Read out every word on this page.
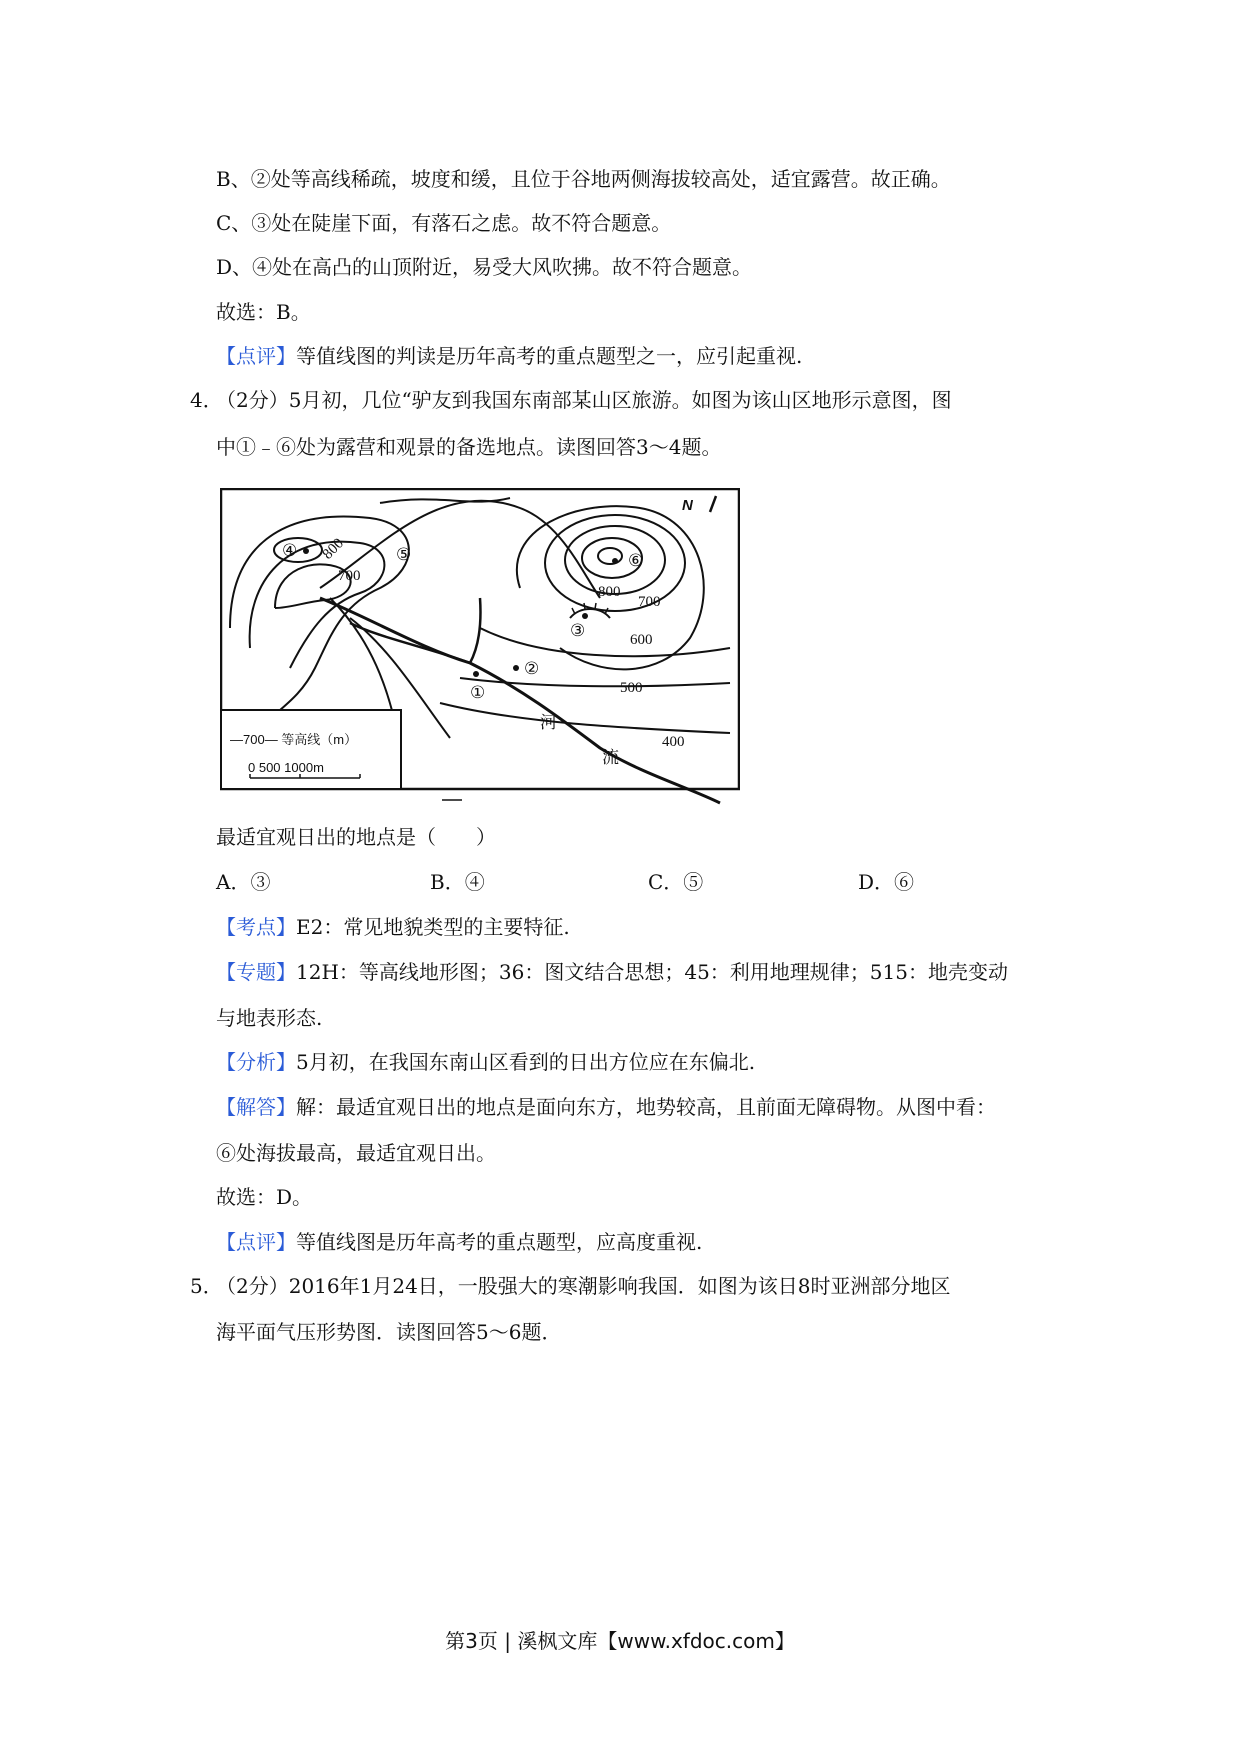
B、②处等高线稀疏，坡度和缓，且位于谷地两侧海拔较高处，适宜露营。故正确。
C、③处在陡崖下面，有落石之虑。故不符合题意。
D、④处在高凸的山顶附近，易受大风吹拂。故不符合题意。
故选：B。
【点评】等值线图的判读是历年高考的重点题型之一，应引起重视.
4．
（2分）5月初，几位“驴友到我国东南部某山区旅游。如图为该山区地形示意图，图
中①﹣⑥处为露营和观景的备选地点。读图回答3～4题。
N
④	⑤	⑥
③
②
①
800
700
800
700
600
500
400
河
流
—700— 等高线（m）
0 500 1000m
最适宜观日出的地点是（　　）
A．③	B．④	C．⑤	D．⑥
【考点】E2：常见地貌类型的主要特征.
【专题】12H：等高线地形图；36：图文结合思想；45：利用地理规律；515：地壳变动
与地表形态.
【分析】5月初，在我国东南山区看到的日出方位应在东偏北.
【解答】解：最适宜观日出的地点是面向东方，地势较高，且前面无障碍物。从图中看：
⑥处海拔最高，最适宜观日出。
故选：D。
【点评】等值线图是历年高考的重点题型，应高度重视.
5．
（2分）2016年1月24日，一股强大的寒潮影响我国．如图为该日8时亚洲部分地区
海平面气压形势图．读图回答5～6题．
第3页 | 溪枫文库【www.xfdoc.com】
